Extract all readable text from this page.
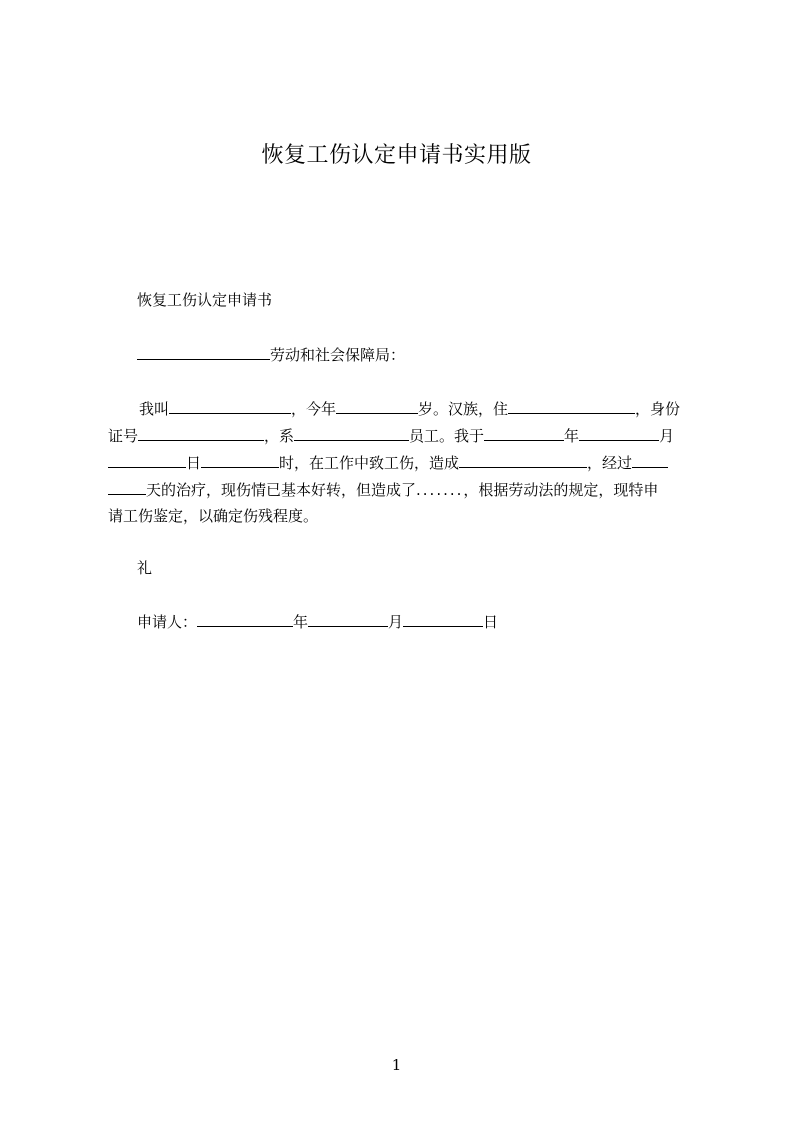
恢复工伤认定申请书实用版
恢复工伤认定申请书
劳动和社会保障局：
我叫	，今年	岁。汉族，住	，身份
证号	，系	员工。我于	年	月
日	时，在工作中致工伤，造成	，经过
天的治疗，现伤情已基本好转，但造成了.......，根据劳动法的规定，现特申
请工伤鉴定，以确定伤残程度。
礼
申请人：	年	月	日
1
